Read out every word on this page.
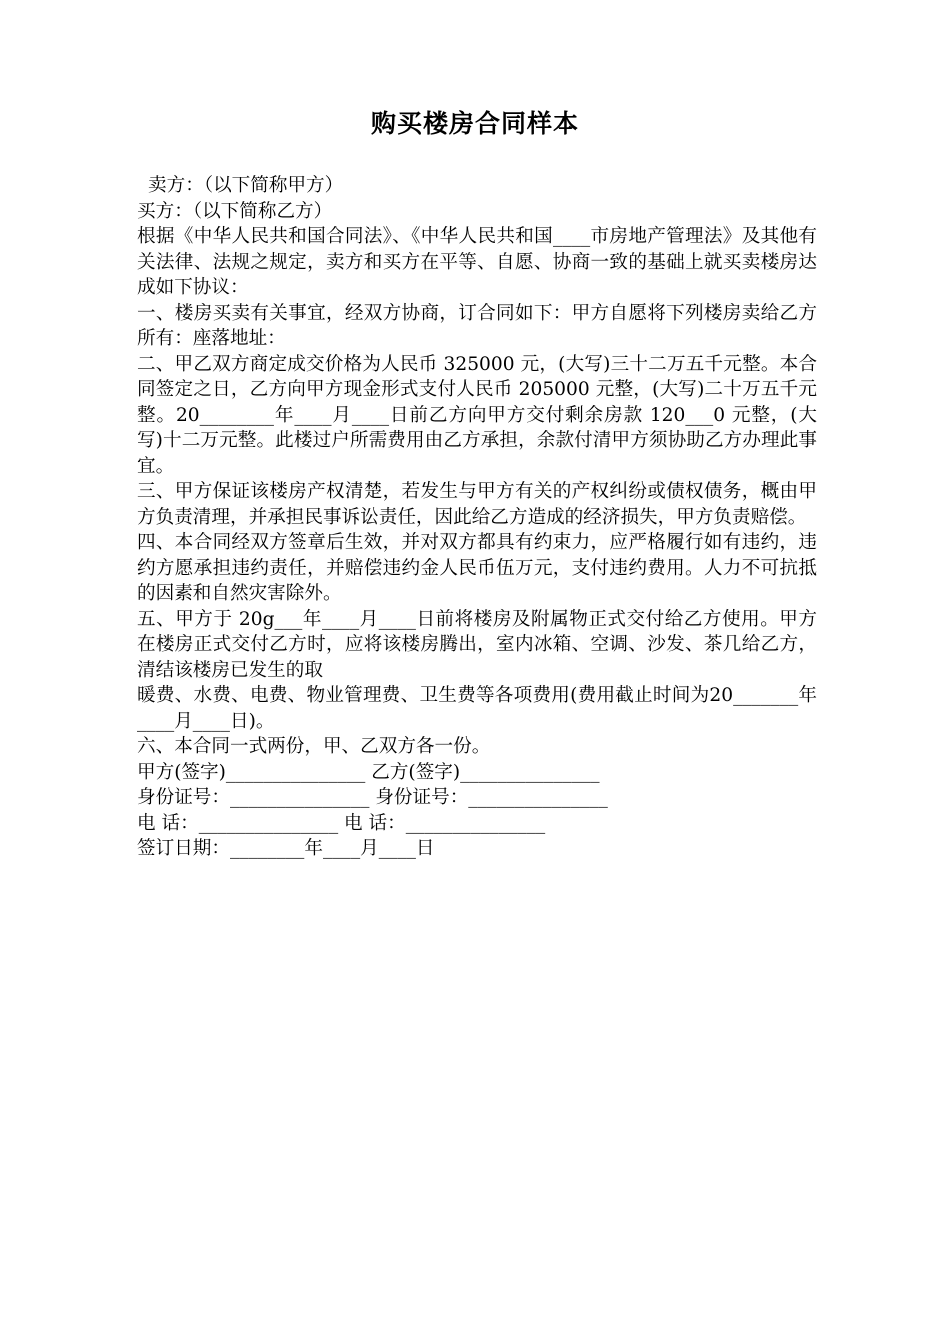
购买楼房合同样本

卖方：（以下简称甲方）

买方：（以下简称乙方）

根据《中华人民共和国合同法》、《中华人民共和国____市房地产管理法》及其他有关法律、法规之规定，卖方和买方在平等、自愿、协商一致的基础上就买卖楼房达成如下协议：

一、楼房买卖有关事宜，经双方协商，订合同如下：甲方自愿将下列楼房卖给乙方所有：座落地址：

二、甲乙双方商定成交价格为人民币 325000 元，(大写)三十二万五千元整。本合同签定之日，乙方向甲方现金形式支付人民币 205000 元整，(大写)二十万五千元整。20________年____月____日前乙方向甲方交付剩余房款 120___0 元整，(大写)十二万元整。此楼过户所需费用由乙方承担，余款付清甲方须协助乙方办理此事宜。

三、甲方保证该楼房产权清楚，若发生与甲方有关的产权纠纷或债权债务，概由甲方负责清理，并承担民事诉讼责任，因此给乙方造成的经济损失，甲方负责赔偿。

四、本合同经双方签章后生效，并对双方都具有约束力，应严格履行如有违约，违约方愿承担违约责任，并赔偿违约金人民币伍万元，支付违约费用。人力不可抗抵的因素和自然灾害除外。

五、甲方于 20g___年____月____日前将楼房及附属物正式交付给乙方使用。甲方在楼房正式交付乙方时，应将该楼房腾出，室内冰箱、空调、沙发、茶几给乙方，清结该楼房已发生的取

暖费、水费、电费、物业管理费、卫生费等各项费用(费用截止时间为20_______年____月____日)。

六、本合同一式两份，甲、乙双方各一份。

甲方(签字)_______________ 乙方(签字)_______________
身份证号：_______________ 身份证号：_______________
电 话：_______________ 电 话：_______________
签订日期：________年____月____日
